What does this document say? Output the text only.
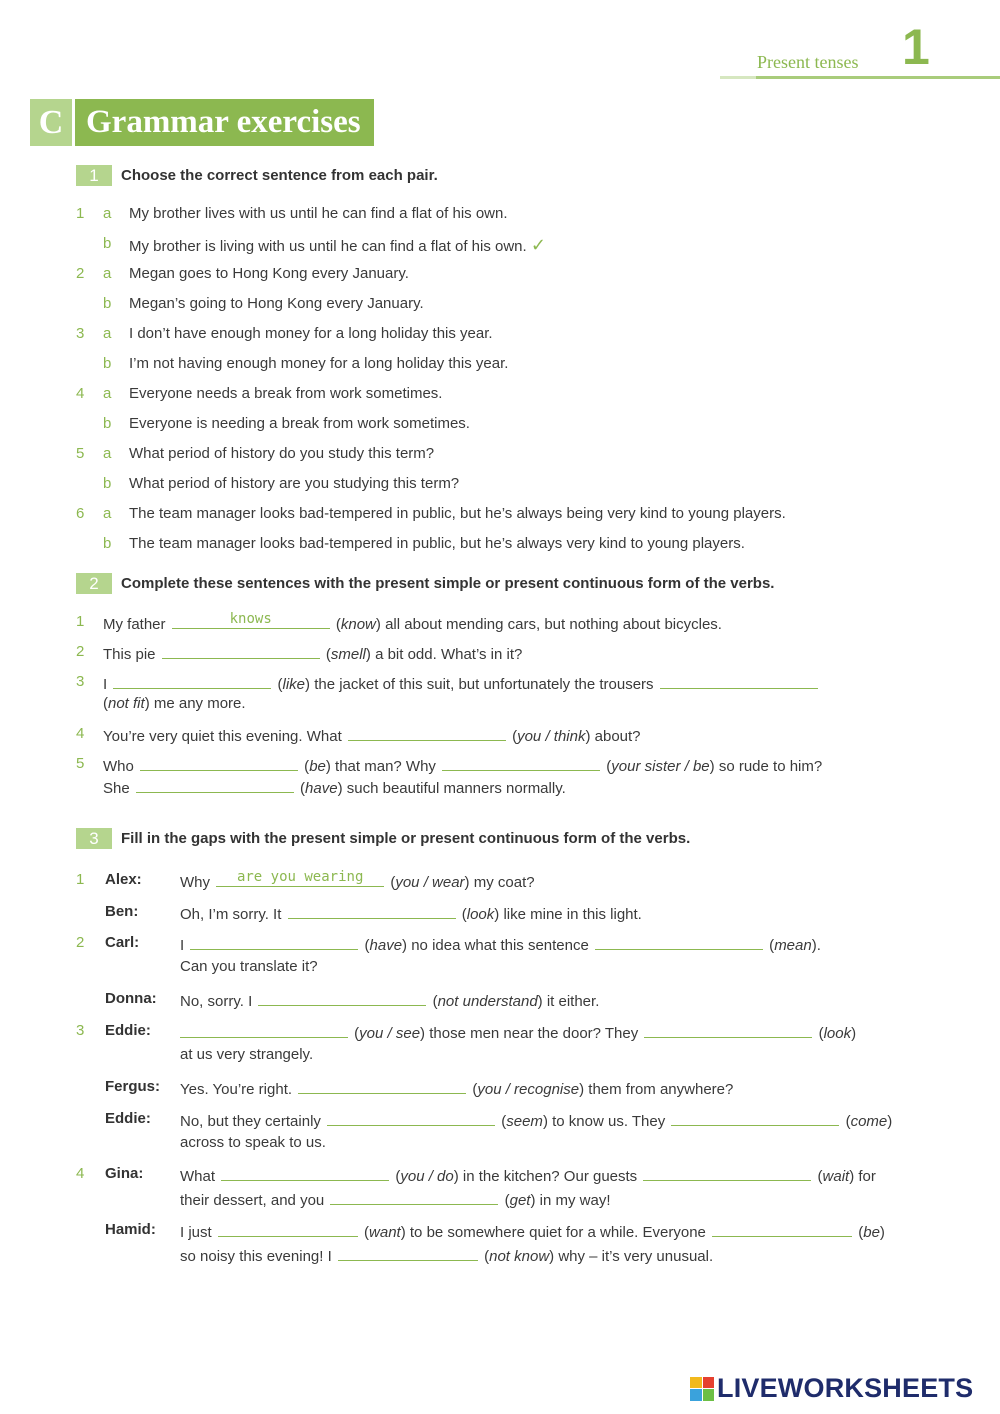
Present tenses 1
C Grammar exercises
1	Choose the correct sentence from each pair.
1 a My brother lives with us until he can find a flat of his own.
b My brother is living with us until he can find a flat of his own. ✓
2 a Megan goes to Hong Kong every January.
b Megan’s going to Hong Kong every January.
3 a I don’t have enough money for a long holiday this year.
b I’m not having enough money for a long holiday this year.
4 a Everyone needs a break from work sometimes.
b Everyone is needing a break from work sometimes.
5 a What period of history do you study this term?
b What period of history are you studying this term?
6 a The team manager looks bad-tempered in public, but he’s always being very kind to young players.
b The team manager looks bad-tempered in public, but he’s always very kind to young players.
2	Complete these sentences with the present simple or present continuous form of the verbs.
1 My father	knows	(know) all about mending cars, but nothing about bicycles.
2 This pie	(smell) a bit odd. What’s in it?
3 I	(like) the jacket of this suit, but unfortunately the trousers
(not fit) me any more.
4 You’re very quiet this evening. What	(you / think) about?
5 Who	(be) that man? Why	(your sister / be) so rude to him?
She	(have) such beautiful manners normally.
3	Fill in the gaps with the present simple or present continuous form of the verbs.
1 Alex:	Why	are you wearing	(you / wear) my coat?
Ben:	Oh, I’m sorry. It	(look) like mine in this light.
2 Carl:	I	(have) no idea what this sentence	(mean).
Can you translate it?
Donna: No, sorry. I	(not understand) it either.
3 Eddie:	(you / see) those men near the door? They	(look)
at us very strangely.
Fergus: Yes. You’re right.	(you / recognise) them from anywhere?
Eddie: No, but they certainly	(seem) to know us. They	(come)
across to speak to us.
4 Gina: What	(you / do) in the kitchen? Our guests	(wait) for
their dessert, and you	(get) in my way!
Hamid: I just	(want) to be somewhere quiet for a while. Everyone	(be)
so noisy this evening! I	(not know) why – it’s very unusual.
LIVEWORKSHEETS
